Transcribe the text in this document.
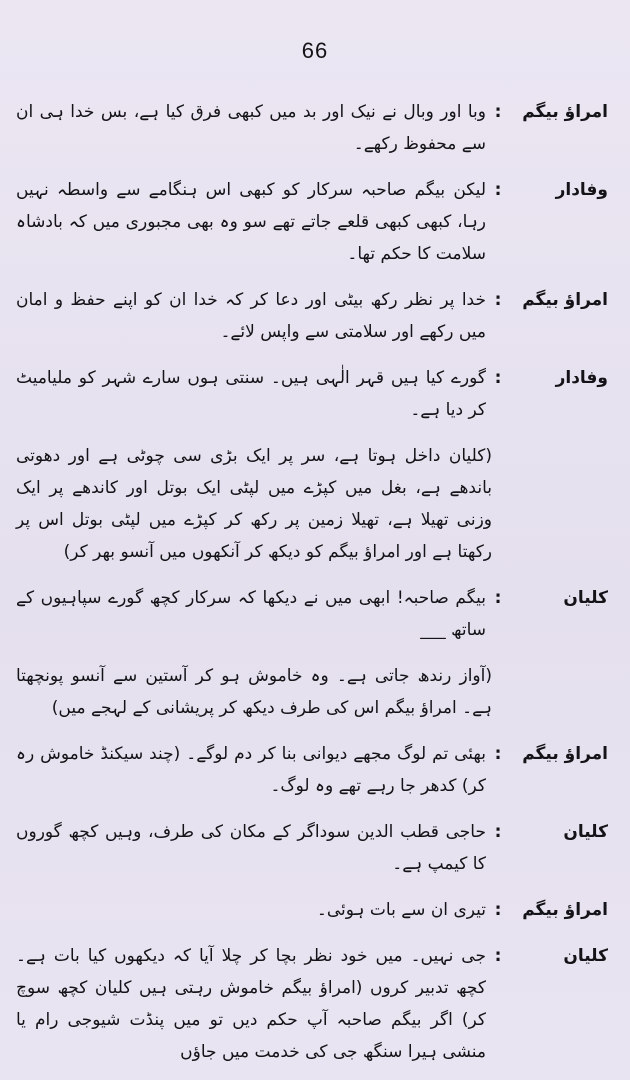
66
امراؤ بیگم
:
وبا اور وبال نے نیک اور بد میں کبھی فرق کیا ہے، بس خدا ہی ان سے محفوظ رکھے۔
وفادار
:
لیکن بیگم صاحبہ سرکار کو کبھی اس ہنگامے سے واسطہ نہیں رہا، کبھی کبھی قلعے جاتے تھے سو وہ بھی مجبوری میں کہ بادشاہ سلامت کا حکم تھا۔
امراؤ بیگم
:
خدا پر نظر رکھ بیٹی اور دعا کر کہ خدا ان کو اپنے حفظ و امان میں رکھے اور سلامتی سے واپس لائے۔
وفادار
:
گورے کیا ہیں قہر الٰہی ہیں۔ سنتی ہوں سارے شہر کو ملیامیٹ کر دیا ہے۔
(کلیان داخل ہوتا ہے، سر پر ایک بڑی سی چوٹی ہے اور دھوتی باندھے ہے، بغل میں کپڑے میں لپٹی ایک بوتل اور کاندھے پر ایک وزنی تھیلا ہے، تھیلا زمین پر رکھ کر کپڑے میں لپٹی بوتل اس پر رکھتا ہے اور امراؤ بیگم کو دیکھ کر آنکھوں میں آنسو بھر کر)
کلیان
:
بیگم صاحبہ! ابھی میں نے دیکھا کہ سرکار کچھ گورے سپاہیوں کے ساتھ ___
(آواز رندھ جاتی ہے۔ وہ خاموش ہو کر آستین سے آنسو پونچھتا ہے۔ امراؤ بیگم اس کی طرف دیکھ کر پریشانی کے لہجے میں)
امراؤ بیگم
:
بھئی تم لوگ مجھے دیوانی بنا کر دم لوگے۔ (چند سیکنڈ خاموش رہ کر) کدھر جا رہے تھے وہ لوگ۔
کلیان
:
حاجی قطب الدین سوداگر کے مکان کی طرف، وہیں کچھ گوروں کا کیمپ ہے۔
امراؤ بیگم
:
تیری ان سے بات ہوئی۔
کلیان
:
جی نہیں۔ میں خود نظر بچا کر چلا آیا کہ دیکھوں کیا بات ہے۔ کچھ تدبیر کروں (امراؤ بیگم خاموش رہتی ہیں کلیان کچھ سوچ کر) اگر بیگم صاحبہ آپ حکم دیں تو میں پنڈت شیوجی رام یا منشی ہیرا سنگھ جی کی خدمت میں جاؤں
